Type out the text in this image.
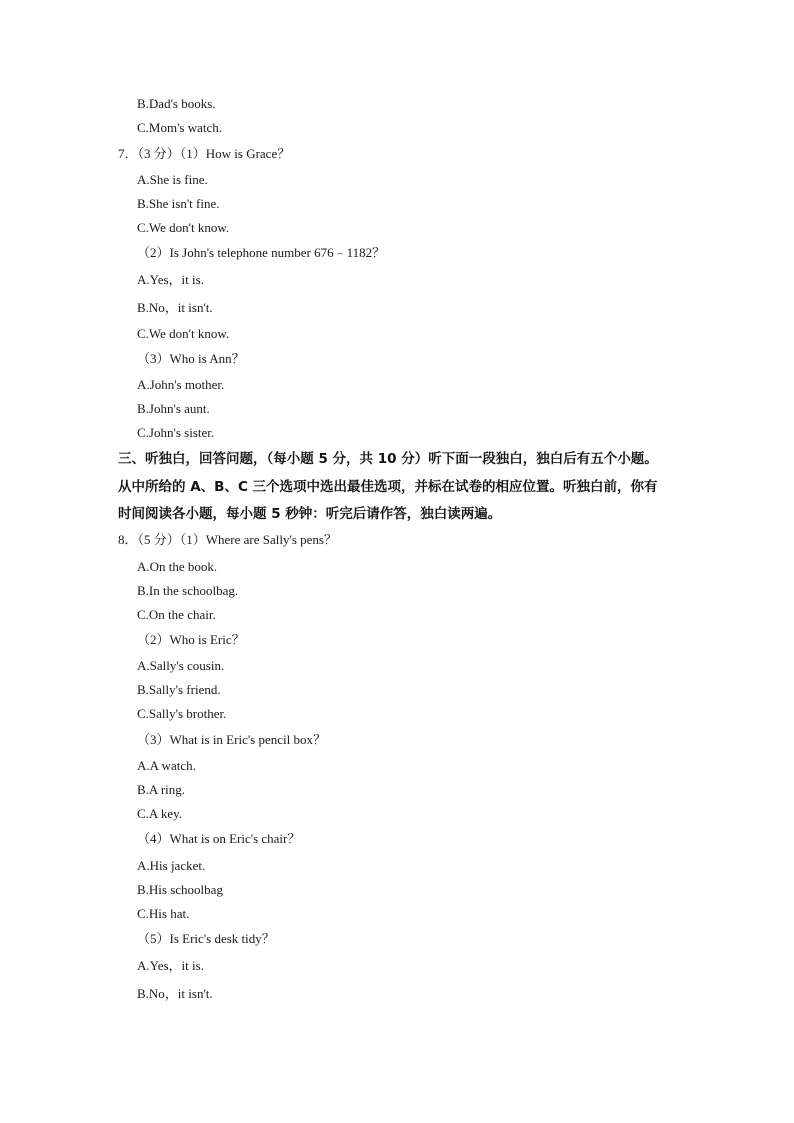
B.Dad's books.
C.Mom's watch.
7．（3 分）（1）How is Grace？
A.She is fine.
B.She isn't fine.
C.We don't know.
（2）Is John's telephone number 676﹣1182？
A.Yes，it is.
B.No，it isn't.
C.We don't know.
（3）Who is Ann？
A.John's mother.
B.John's aunt.
C.John's sister.
三、听独白，回答问题，（每小题 5 分，共 10 分）听下面一段独白，独白后有五个小题。
从中所给的 A、B、C 三个选项中选出最佳选项，并标在试卷的相应位置。听独白前，你有
时间阅读各小题，每小题 5 秒钟：听完后请作答，独白读两遍。
8．（5 分）（1）Where are Sally's pens？
A.On the book.
B.In the schoolbag.
C.On the chair.
（2）Who is Eric？
A.Sally's cousin.
B.Sally's friend.
C.Sally's brother.
（3）What is in Eric's pencil box？
A.A watch.
B.A ring.
C.A key.
（4）What is on Eric's chair？
A.His jacket.
B.His schoolbag
C.His hat.
（5）Is Eric's desk tidy？
A.Yes，it is.
B.No，it isn't.
